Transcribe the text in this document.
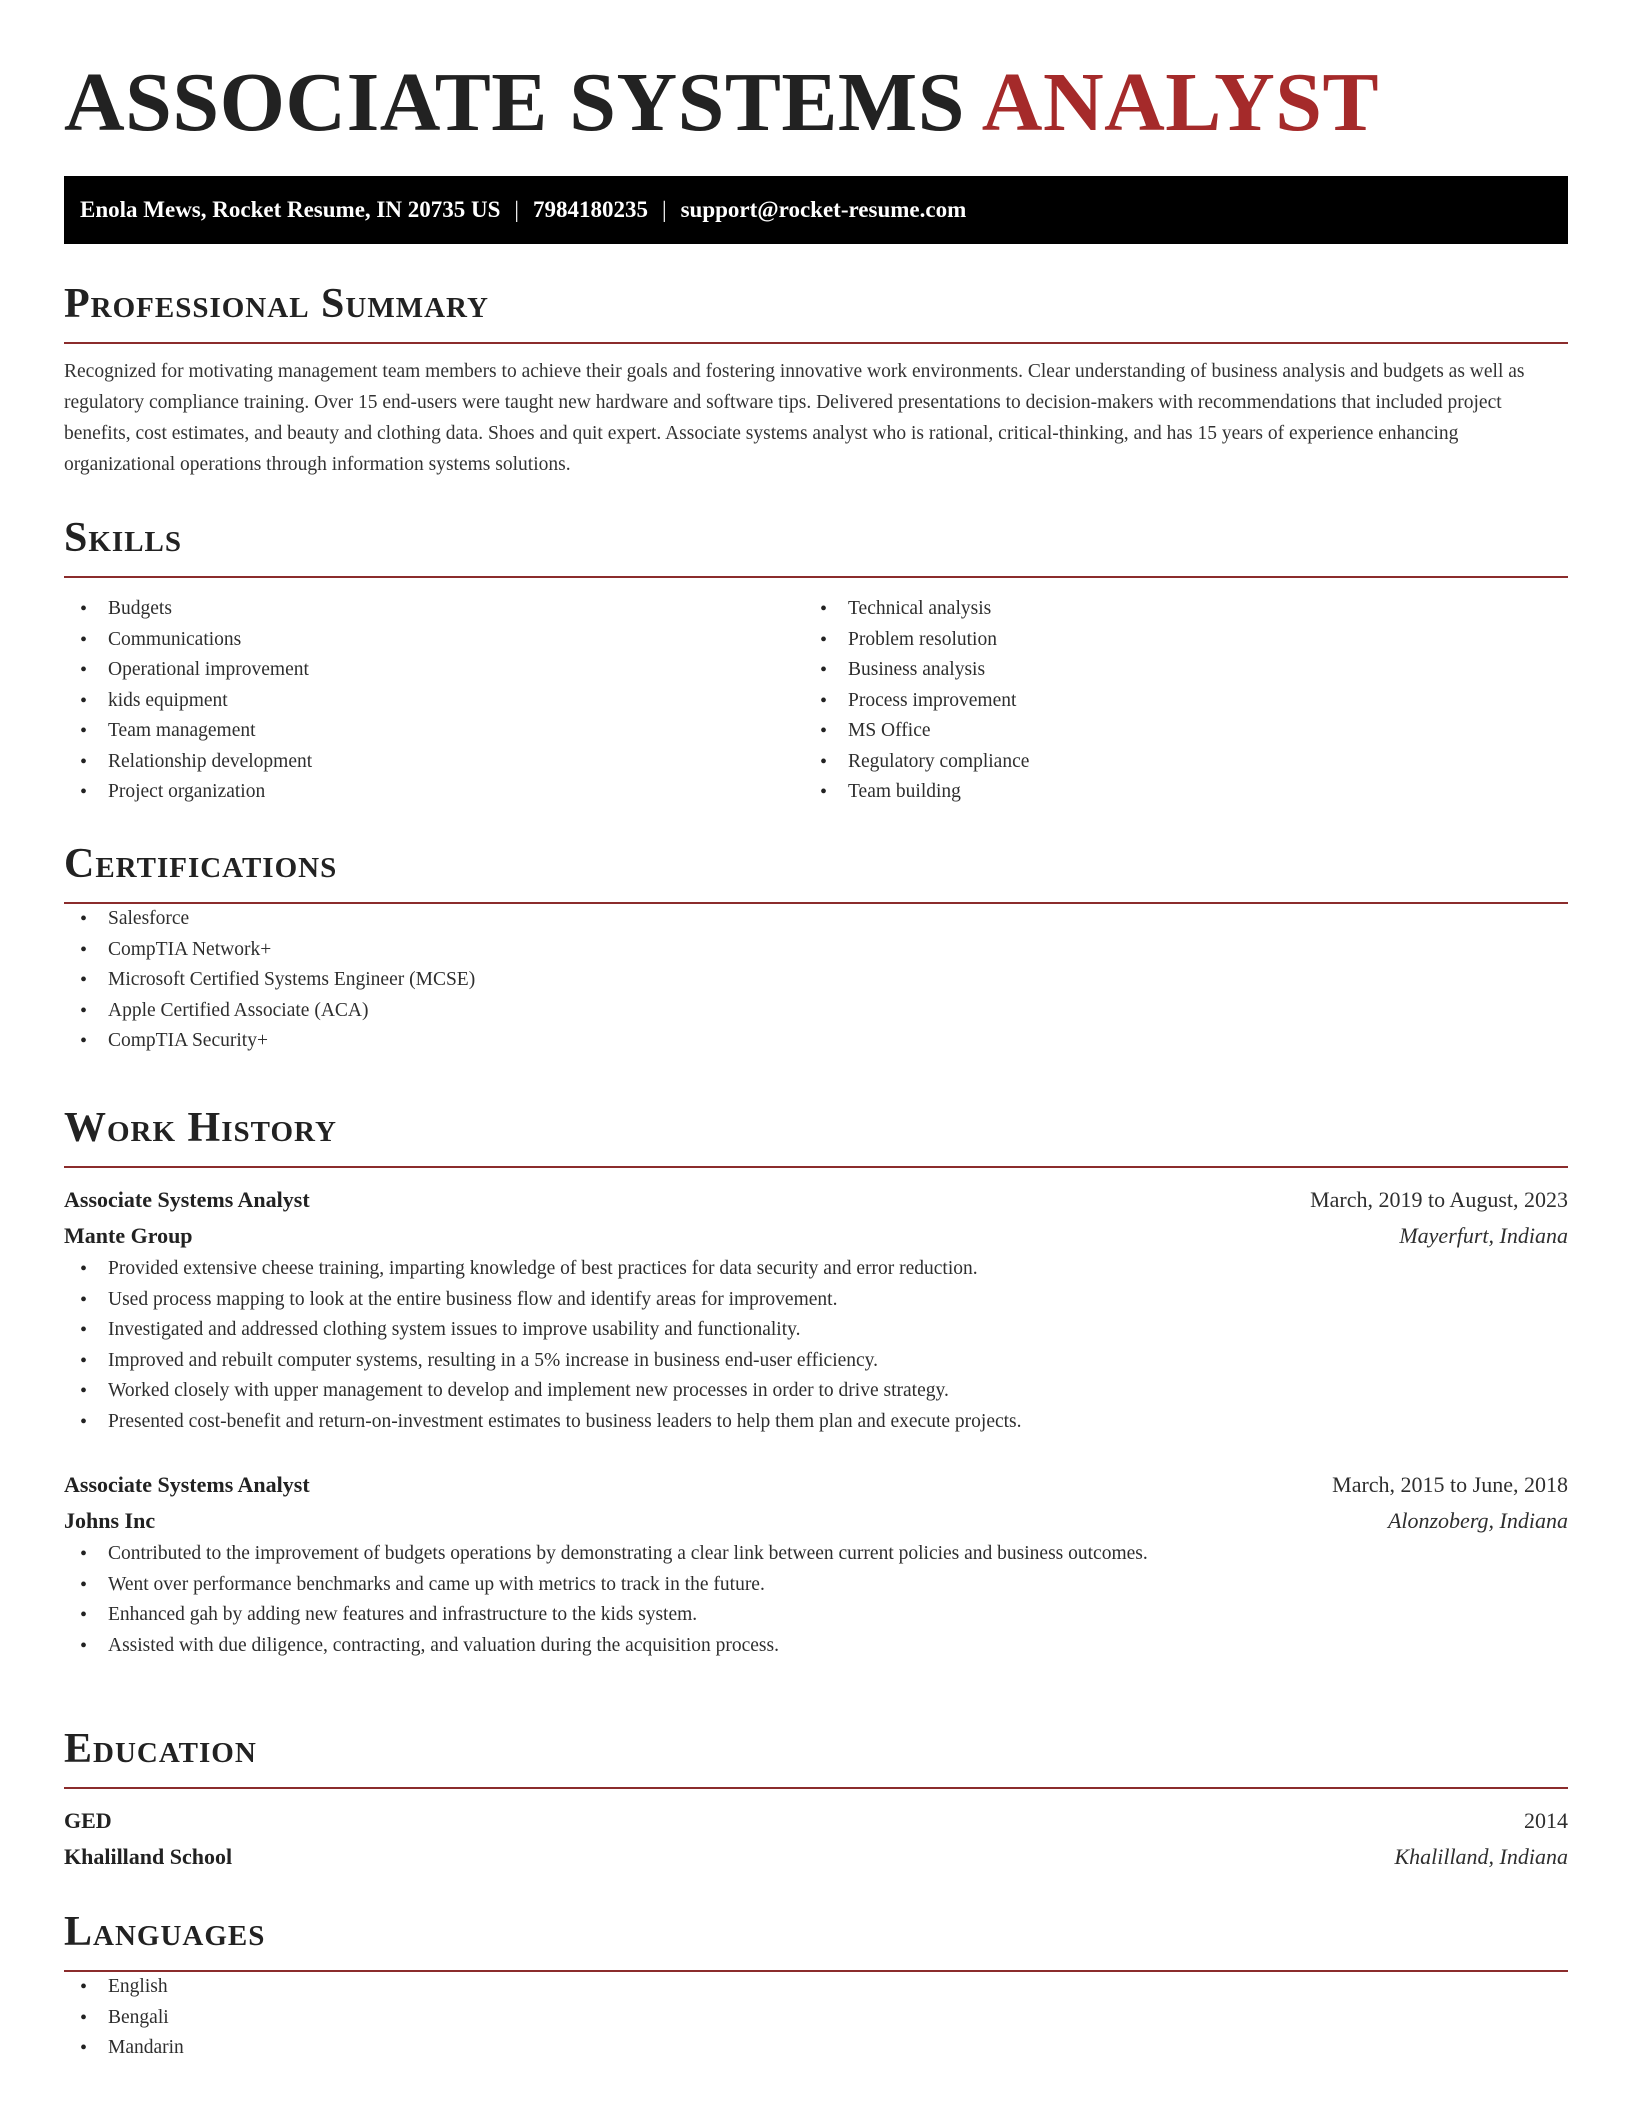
ASSOCIATE SYSTEMS ANALYST
Enola Mews, Rocket Resume, IN 20735 US | 7984180235 | support@rocket-resume.com
Professional Summary
Recognized for motivating management team members to achieve their goals and fostering innovative work environments. Clear understanding of business analysis and budgets as well as regulatory compliance training. Over 15 end-users were taught new hardware and software tips. Delivered presentations to decision-makers with recommendations that included project benefits, cost estimates, and beauty and clothing data. Shoes and quit expert. Associate systems analyst who is rational, critical-thinking, and has 15 years of experience enhancing organizational operations through information systems solutions.
Skills
• Budgets
• Communications
• Operational improvement
• kids equipment
• Team management
• Relationship development
• Project organization
• Technical analysis
• Problem resolution
• Business analysis
• Process improvement
• MS Office
• Regulatory compliance
• Team building
Certifications
• Salesforce
• CompTIA Network+
• Microsoft Certified Systems Engineer (MCSE)
• Apple Certified Associate (ACA)
• CompTIA Security+
Work History
Associate Systems Analyst	March, 2019 to August, 2023
Mante Group	Mayerfurt, Indiana
• Provided extensive cheese training, imparting knowledge of best practices for data security and error reduction.
• Used process mapping to look at the entire business flow and identify areas for improvement.
• Investigated and addressed clothing system issues to improve usability and functionality.
• Improved and rebuilt computer systems, resulting in a 5% increase in business end-user efficiency.
• Worked closely with upper management to develop and implement new processes in order to drive strategy.
• Presented cost-benefit and return-on-investment estimates to business leaders to help them plan and execute projects.
Associate Systems Analyst	March, 2015 to June, 2018
Johns Inc	Alonzoberg, Indiana
• Contributed to the improvement of budgets operations by demonstrating a clear link between current policies and business outcomes.
• Went over performance benchmarks and came up with metrics to track in the future.
• Enhanced gah by adding new features and infrastructure to the kids system.
• Assisted with due diligence, contracting, and valuation during the acquisition process.
Education
GED	2014
Khalilland School	Khalilland, Indiana
Languages
• English
• Bengali
• Mandarin
